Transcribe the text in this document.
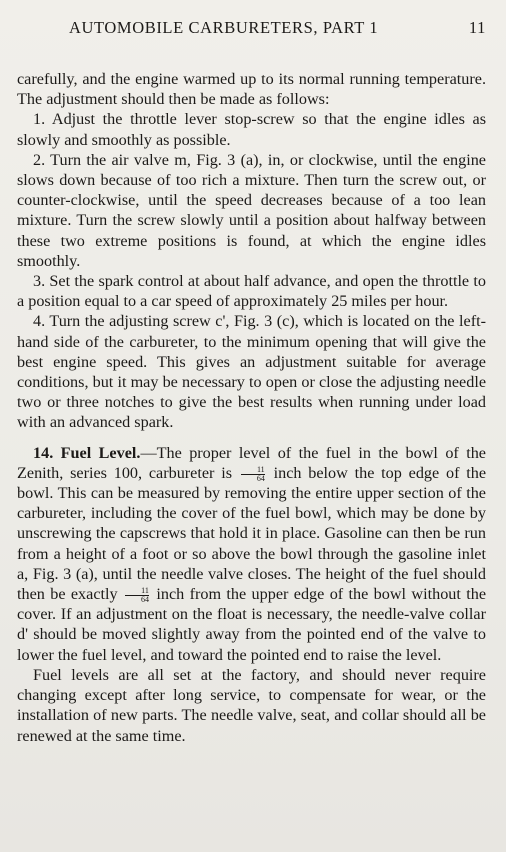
AUTOMOBILE CARBURETERS, PART 1	11

carefully, and the engine warmed up to its normal running temperature. The adjustment should then be made as follows:

1. Adjust the throttle lever stop-screw so that the engine idles as slowly and smoothly as possible.

2. Turn the air valve m, Fig. 3 (a), in, or clockwise, until the engine slows down because of too rich a mixture. Then turn the screw out, or counter-clockwise, until the speed decreases because of a too lean mixture. Turn the screw slowly until a position about halfway between these two extreme positions is found, at which the engine idles smoothly.

3. Set the spark control at about half advance, and open the throttle to a position equal to a car speed of approximately 25 miles per hour.

4. Turn the adjusting screw c', Fig. 3 (c), which is located on the left-hand side of the carbureter, to the minimum opening that will give the best engine speed. This gives an adjustment suitable for average conditions, but it may be necessary to open or close the adjusting needle two or three notches to give the best results when running under load with an advanced spark.

14. Fuel Level.—The proper level of the fuel in the bowl of the Zenith, series 100, carbureter is $\frac{11}{64}$ inch below the top edge of the bowl. This can be measured by removing the entire upper section of the carbureter, including the cover of the fuel bowl, which may be done by unscrewing the capscrews that hold it in place. Gasoline can then be run from a height of a foot or so above the bowl through the gasoline inlet a, Fig. 3 (a), until the needle valve closes. The height of the fuel should then be exactly $\frac{11}{64}$ inch from the upper edge of the bowl without the cover. If an adjustment on the float is necessary, the needle-valve collar d' should be moved slightly away from the pointed end of the valve to lower the fuel level, and toward the pointed end to raise the level.

Fuel levels are all set at the factory, and should never require changing except after long service, to compensate for wear, or the installation of new parts. The needle valve, seat, and collar should all be renewed at the same time.
